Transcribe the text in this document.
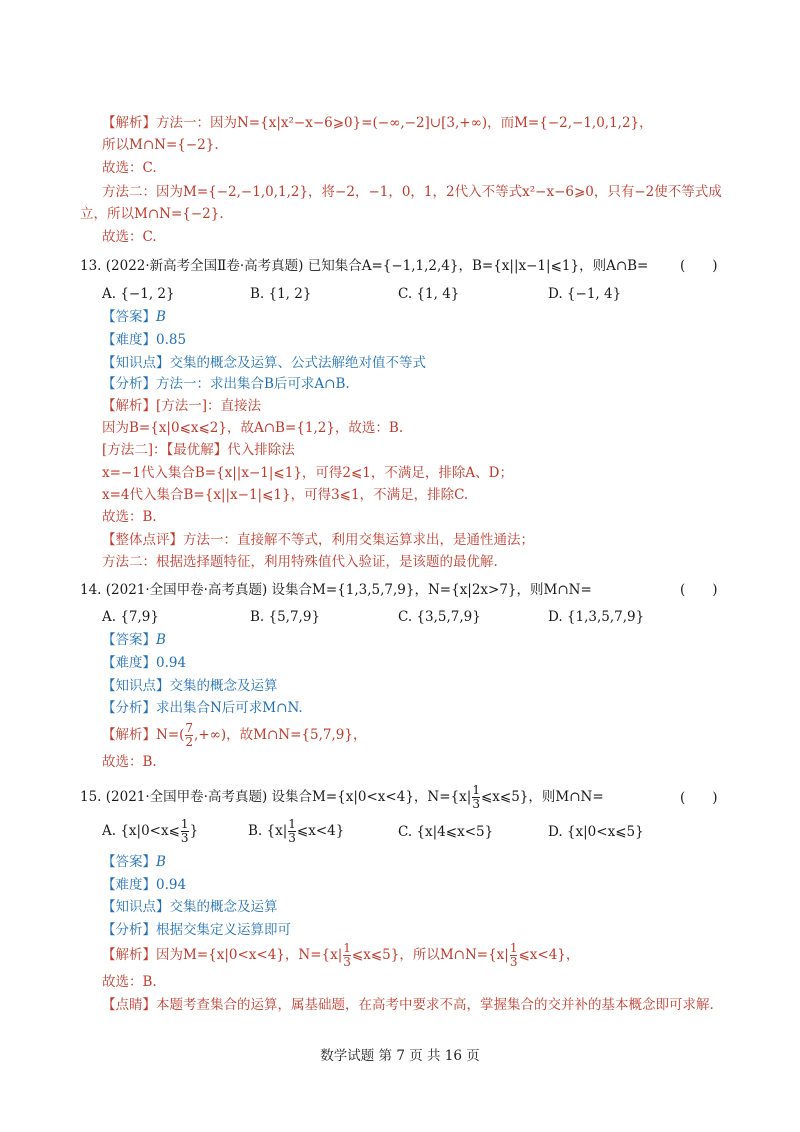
【解析】方法一：因为N={x|x²−x−6⩾0}=(−∞,−2]∪[3,+∞)，而M={−2,−1,0,1,2}，
所以M∩N={−2}.
故选：C.
方法二：因为M={−2,−1,0,1,2}，将−2，−1，0，1，2代入不等式x²−x−6⩾0，只有−2使不等式成
立，所以M∩N={−2}.
故选：C.
13. (2022·新高考全国Ⅱ卷·高考真题) 已知集合A={−1,1,2,4}，B={x||x−1|⩽1}，则A∩B= (　　)
A. {−1, 2}	B. {1, 2}	C. {1, 4}	D. {−1, 4}
【答案】B
【难度】0.85
【知识点】交集的概念及运算、公式法解绝对值不等式
【分析】方法一：求出集合B后可求A∩B.
【解析】[方法一]：直接法
因为B={x|0⩽x⩽2}，故A∩B={1,2}，故选：B.
[方法二]：【最优解】代入排除法
x=−1代入集合B={x||x−1|⩽1}，可得2⩽1，不满足，排除A、D；
x=4代入集合B={x||x−1|⩽1}，可得3⩽1，不满足，排除C.
故选：B.
【整体点评】方法一：直接解不等式，利用交集运算求出，是通性通法；
方法二：根据选择题特征，利用特殊值代入验证，是该题的最优解.
14. (2021·全国甲卷·高考真题) 设集合M={1,3,5,7,9}，N={x|2x>7}，则M∩N=	(　　)
A. {7,9}	B. {5,7,9}	C. {3,5,7,9}	D. {1,3,5,7,9}
【答案】B
【难度】0.94
【知识点】交集的概念及运算
【分析】求出集合N后可求M∩N.
【解析】$N=( \frac{7}{2}$ ,+∞)，故M∩N={5,7,9}，
故选：B.
15. (2021·全国甲卷·高考真题) 设集合M={x|0<x<4}，$N=\{x| \frac{1}{3}$ ⩽x⩽5}，则M∩N=	(　　)
A. {x|0<x⩽ $\frac{1}{3}$ }	B. {$x| \frac{1}{3}$ ⩽x<4}	C. {x|4⩽x<5}	D. {x|0<x⩽5}
【答案】B
【难度】0.94
【知识点】交集的概念及运算
【分析】根据交集定义运算即可
【解析】因为M={x|0<x<4}，$N=\{x| \frac{1}{3}$ ⩽x⩽5}，所以M∩N={x| $\frac{1}{3}$ ⩽x<4}，
故选：B.
【点睛】本题考查集合的运算，属基础题，在高考中要求不高，掌握集合的交并补的基本概念即可求解.
数学试题 第 7 页 共 16 页
